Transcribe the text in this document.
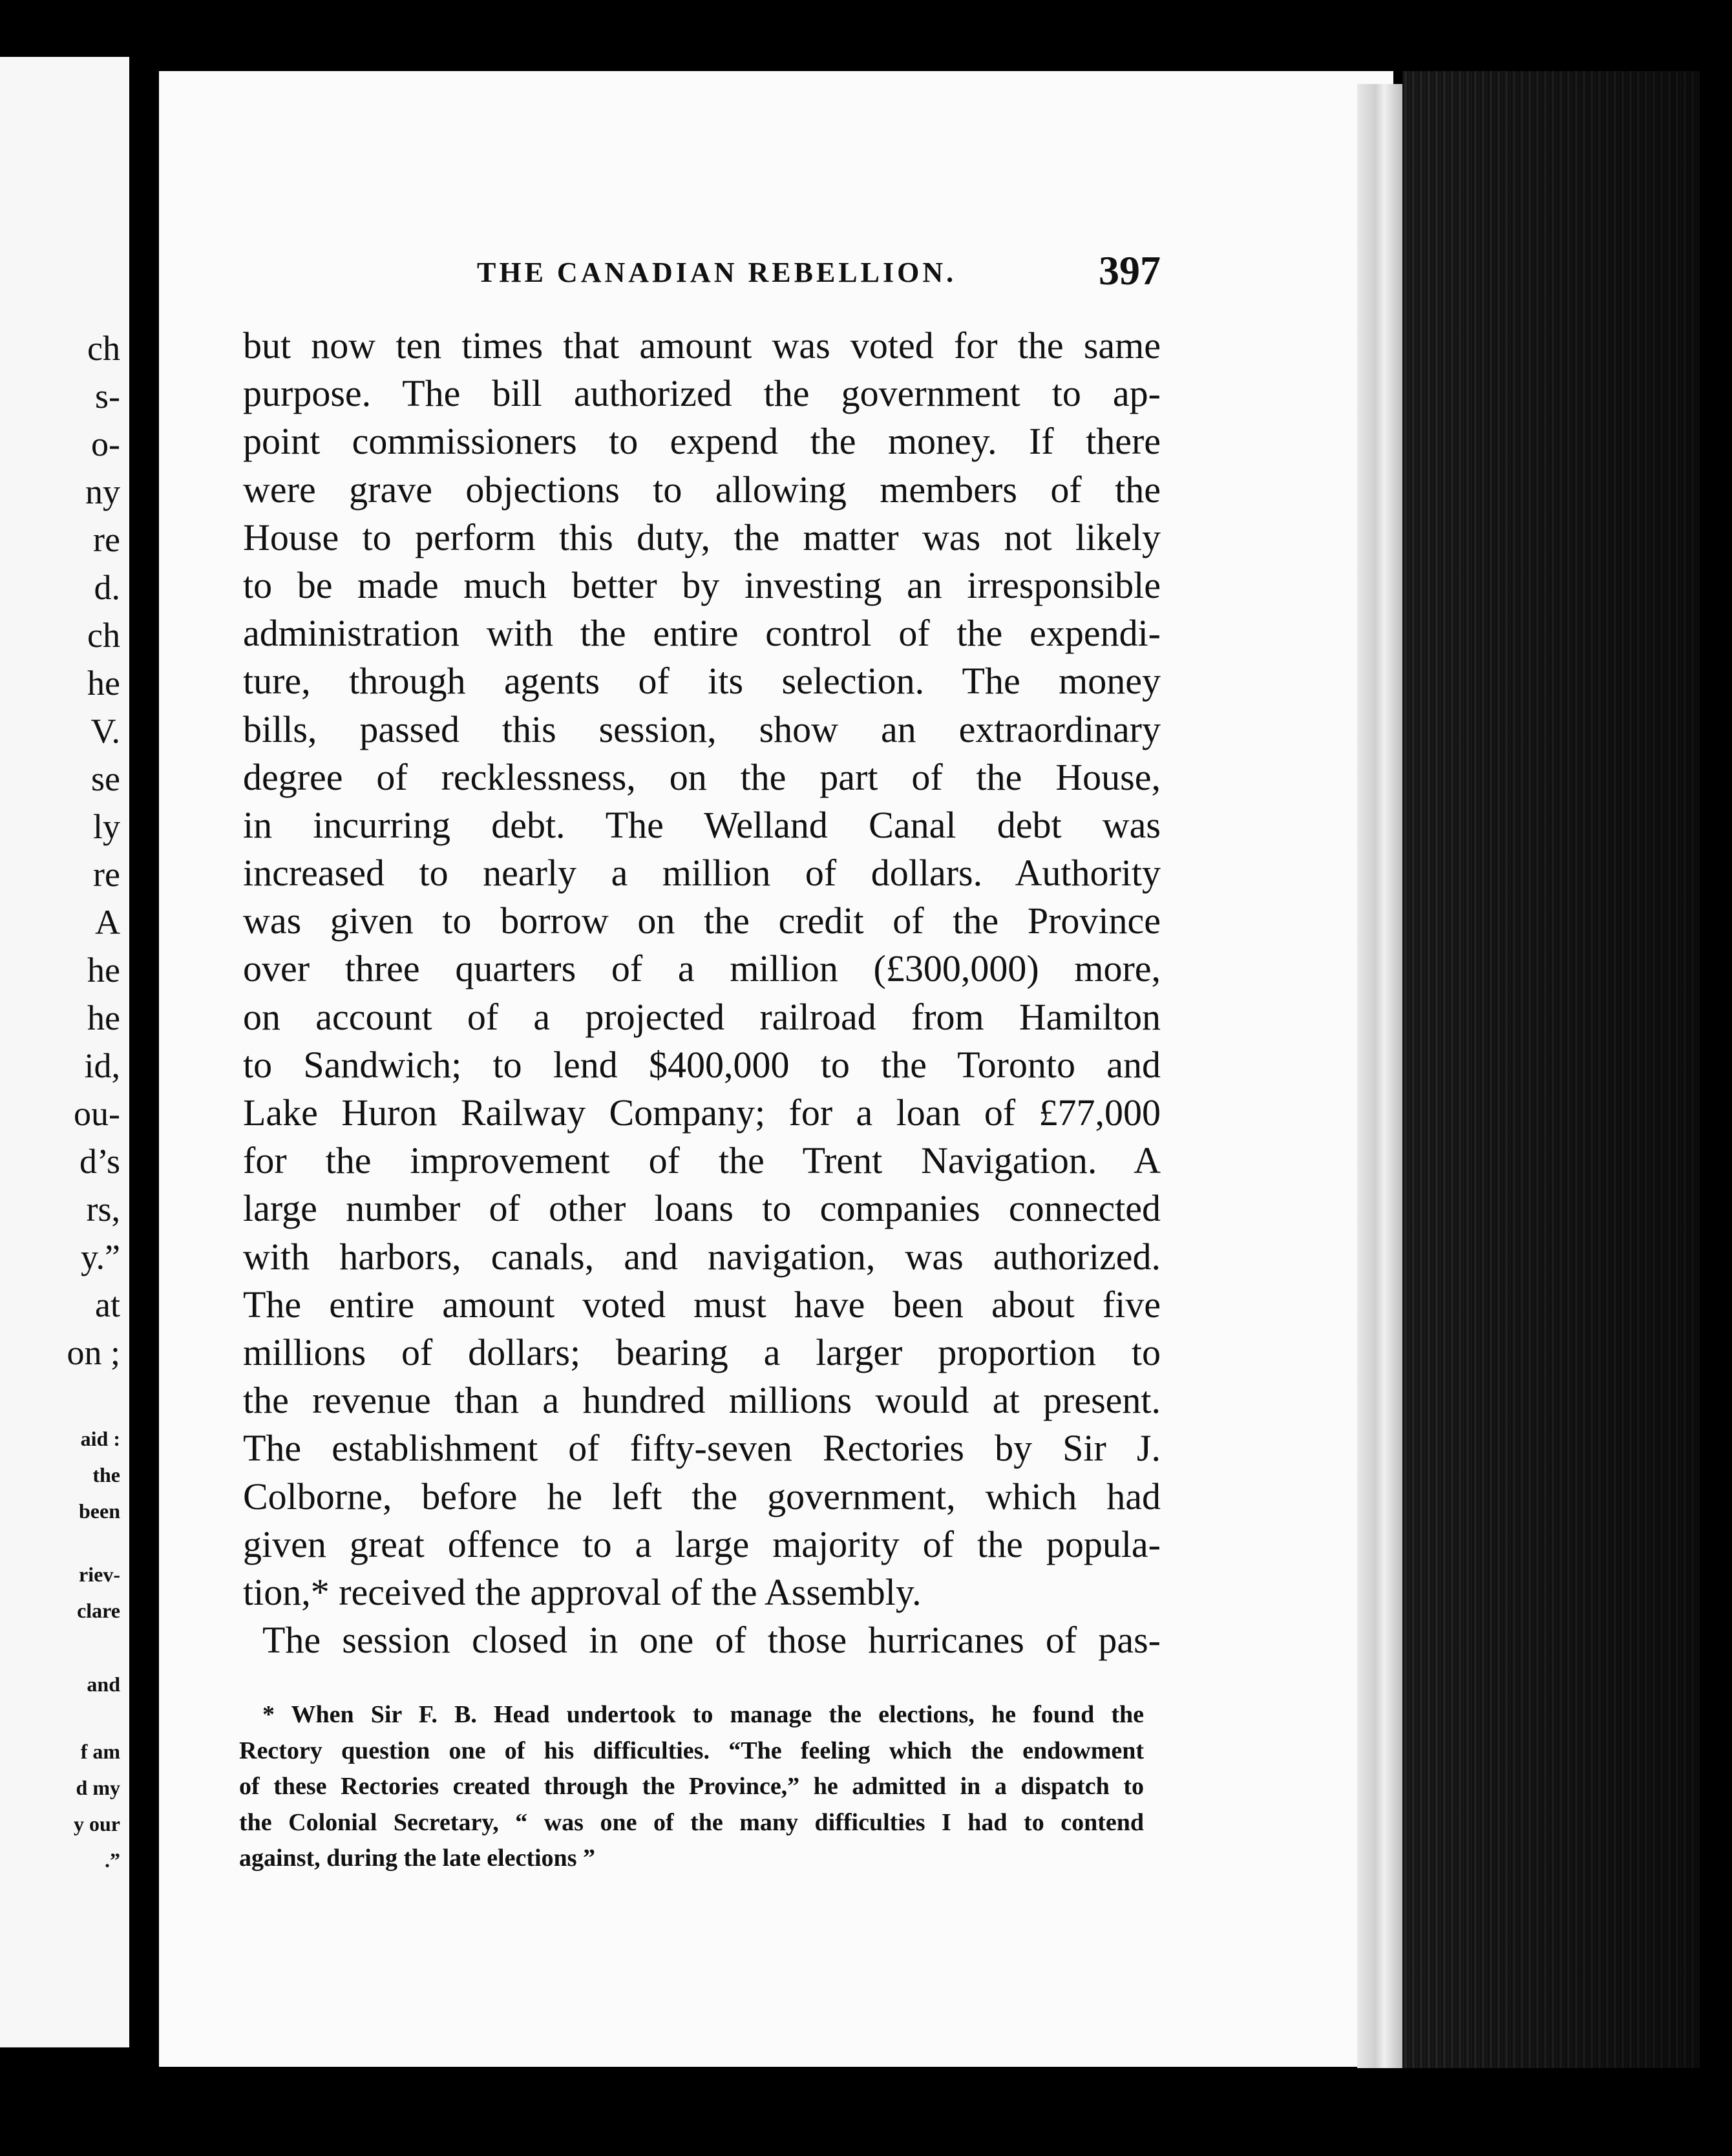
ch
s-
o-
ny
re
d.
ch
he
V.
se
ly
re
A
he
he
id,
ou-
d’s
rs,
y.”
at
on ;
aid :
the
been
riev-
clare
and
f am
d my
y our
.”
THE CANADIAN REBELLION.	397
but now ten times that amount was voted for the same
purpose. The bill authorized the government to ap-
point commissioners to expend the money. If there
were grave objections to allowing members of the
House to perform this duty, the matter was not likely
to be made much better by investing an irresponsible
administration with the entire control of the expendi-
ture, through agents of its selection. The money
bills, passed this session, show an extraordinary
degree of recklessness, on the part of the House,
in incurring debt. The Welland Canal debt was
increased to nearly a million of dollars. Authority
was given to borrow on the credit of the Province
over three quarters of a million (£300,000) more,
on account of a projected railroad from Hamilton
to Sandwich; to lend $400,000 to the Toronto and
Lake Huron Railway Company; for a loan of £77,000
for the improvement of the Trent Navigation. A
large number of other loans to companies connected
with harbors, canals, and navigation, was authorized.
The entire amount voted must have been about five
millions of dollars; bearing a larger proportion to
the revenue than a hundred millions would at present.
The establishment of fifty-seven Rectories by Sir J.
Colborne, before he left the government, which had
given great offence to a large majority of the popula-
tion,* received the approval of the Assembly.
The session closed in one of those hurricanes of pas-
* When Sir F. B. Head undertook to manage the elections, he found the
Rectory question one of his difficulties. “The feeling which the endowment
of these Rectories created through the Province,” he admitted in a dispatch to
the Colonial Secretary, “ was one of the many difficulties I had to contend
against, during the late elections ”
